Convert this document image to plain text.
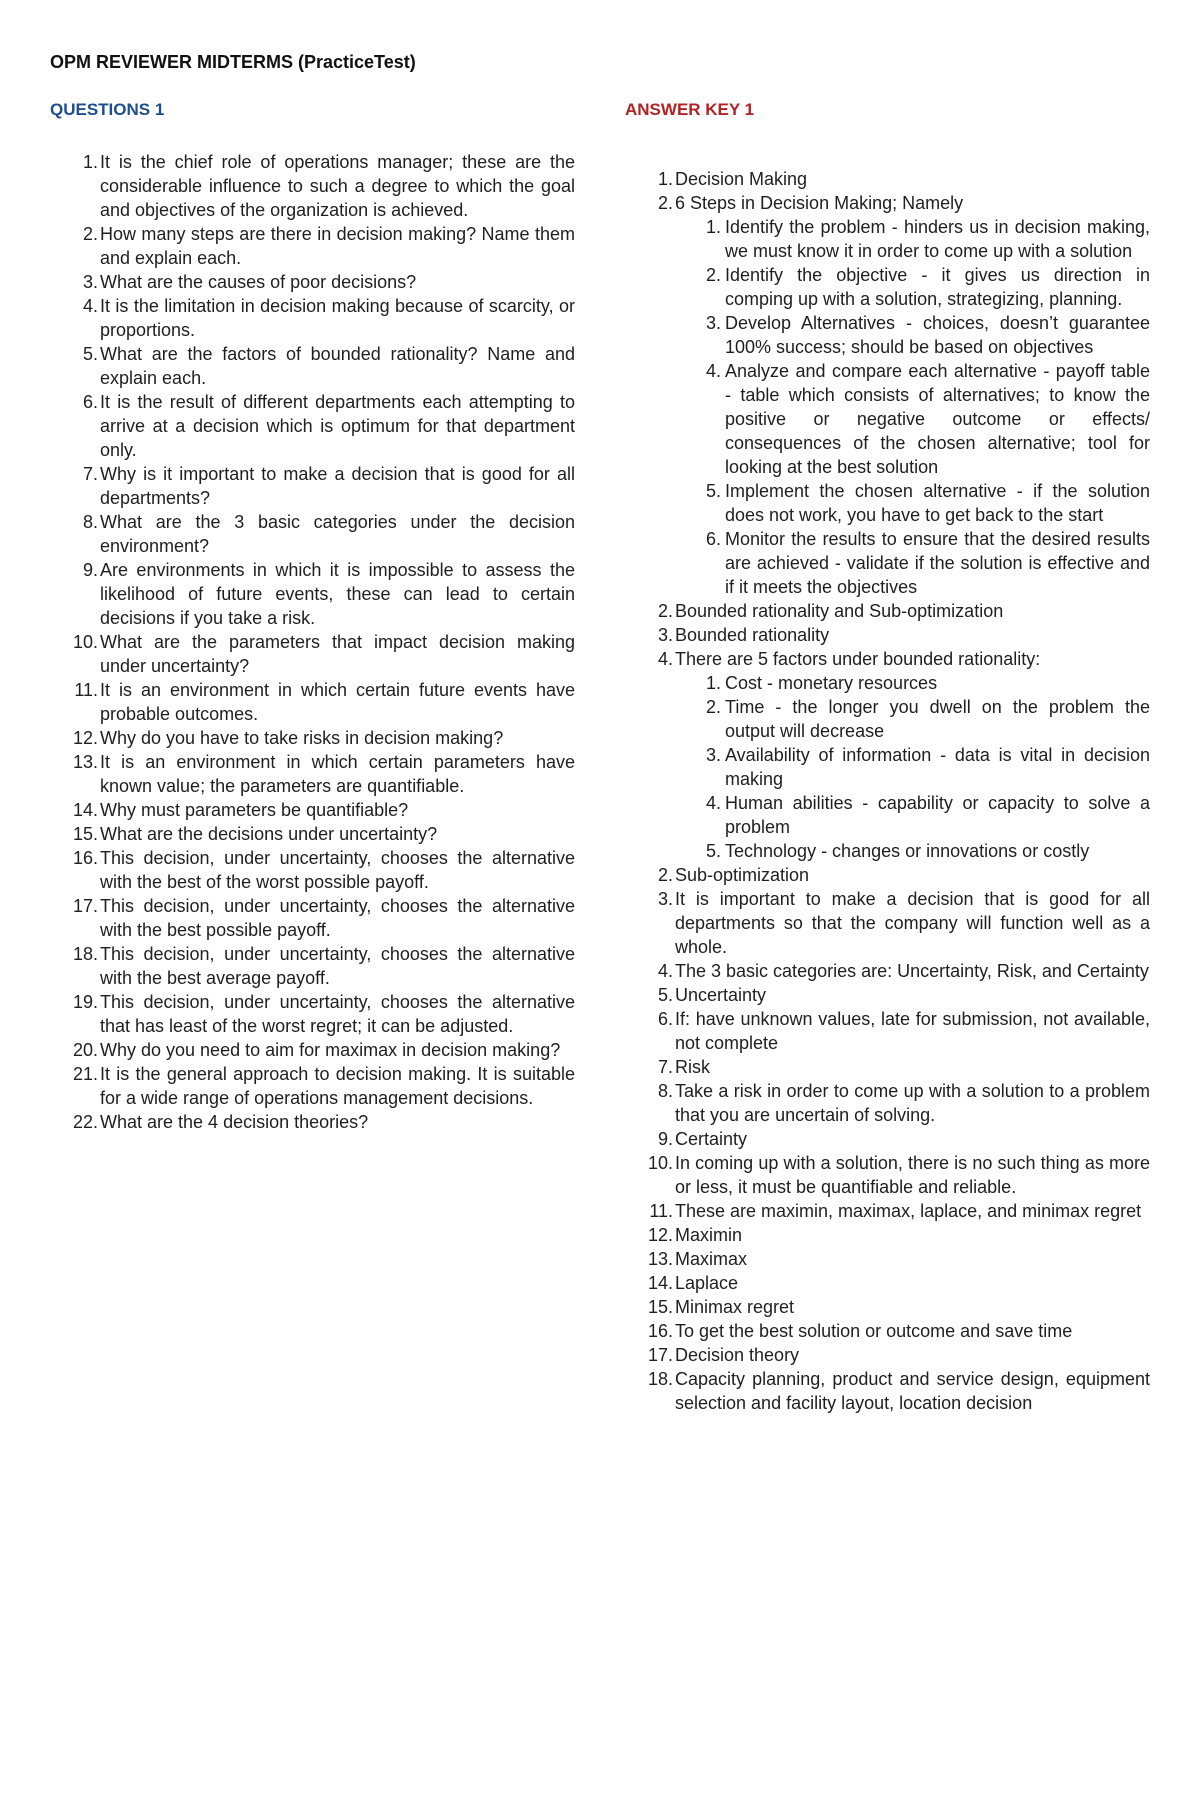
OPM REVIEWER MIDTERMS (PracticeTest)
QUESTIONS 1
1. It is the chief role of operations manager; these are the considerable influence to such a degree to which the goal and objectives of the organization is achieved.
2. How many steps are there in decision making? Name them and explain each.
3. What are the causes of poor decisions?
4. It is the limitation in decision making because of scarcity, or proportions.
5. What are the factors of bounded rationality? Name and explain each.
6. It is the result of different departments each attempting to arrive at a decision which is optimum for that department only.
7. Why is it important to make a decision that is good for all departments?
8. What are the 3 basic categories under the decision environment?
9. Are environments in which it is impossible to assess the likelihood of future events, these can lead to certain decisions if you take a risk.
10. What are the parameters that impact decision making under uncertainty?
11. It is an environment in which certain future events have probable outcomes.
12. Why do you have to take risks in decision making?
13. It is an environment in which certain parameters have known value; the parameters are quantifiable.
14. Why must parameters be quantifiable?
15. What are the decisions under uncertainty?
16. This decision, under uncertainty, chooses the alternative with the best of the worst possible payoff.
17. This decision, under uncertainty, chooses the alternative with the best possible payoff.
18. This decision, under uncertainty, chooses the alternative with the best average payoff.
19. This decision, under uncertainty, chooses the alternative that has least of the worst regret; it can be adjusted.
20. Why do you need to aim for maximax in decision making?
21. It is the general approach to decision making. It is suitable for a wide range of operations management decisions.
22. What are the 4 decision theories?
ANSWER KEY 1
1. Decision Making
2. 6 Steps in Decision Making; Namely
1. Identify the problem - hinders us in decision making, we must know it in order to come up with a solution
2. Identify the objective - it gives us direction in comping up with a solution, strategizing, planning.
3. Develop Alternatives - choices, doesn’t guarantee 100% success; should be based on objectives
4. Analyze and compare each alternative - payoff table - table which consists of alternatives; to know the positive or negative outcome or effects/ consequences of the chosen alternative; tool for looking at the best solution
5. Implement the chosen alternative - if the solution does not work, you have to get back to the start
6. Monitor the results to ensure that the desired results are achieved - validate if the solution is effective and if it meets the objectives
2. Bounded rationality and Sub-optimization
3. Bounded rationality
4. There are 5 factors under bounded rationality:
1. Cost - monetary resources
2. Time - the longer you dwell on the problem the output will decrease
3. Availability of information - data is vital in decision making
4. Human abilities - capability or capacity to solve a problem
5. Technology - changes or innovations or costly
2. Sub-optimization
3. It is important to make a decision that is good for all departments so that the company will function well as a whole.
4. The 3 basic categories are: Uncertainty, Risk, and Certainty
5. Uncertainty
6. If: have unknown values, late for submission, not available, not complete
7. Risk
8. Take a risk in order to come up with a solution to a problem that you are uncertain of solving.
9. Certainty
10. In coming up with a solution, there is no such thing as more or less, it must be quantifiable and reliable.
11. These are maximin, maximax, laplace, and minimax regret
12. Maximin
13. Maximax
14. Laplace
15. Minimax regret
16. To get the best solution or outcome and save time
17. Decision theory
18. Capacity planning, product and service design, equipment selection and facility layout, location decision
